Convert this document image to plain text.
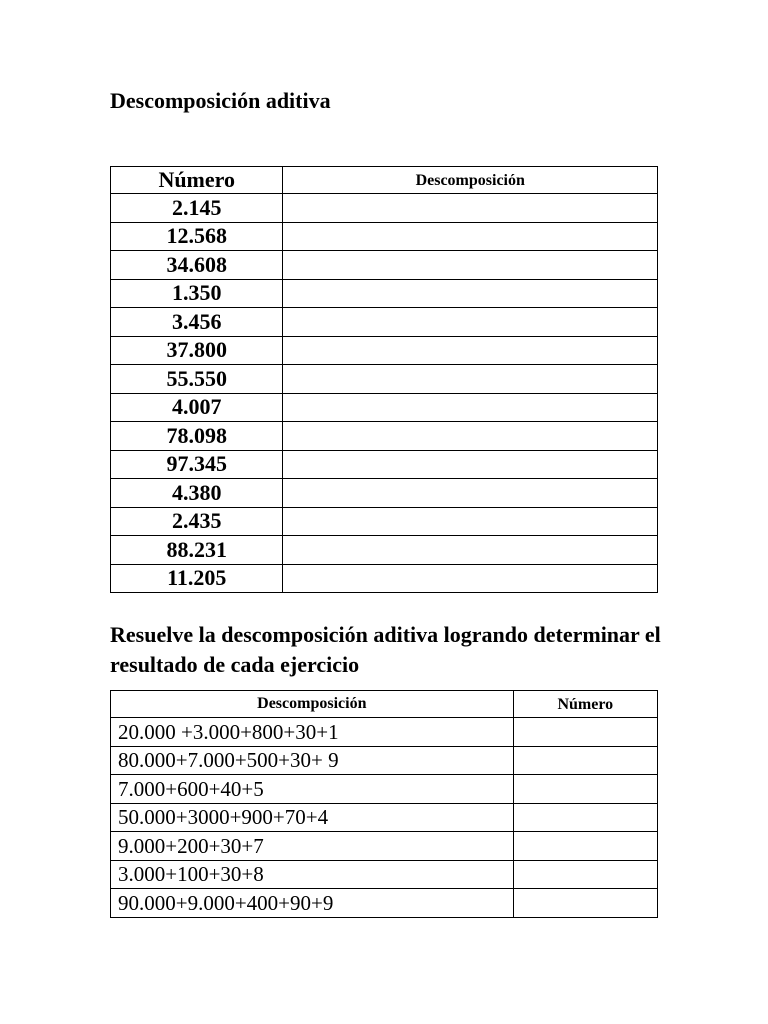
Descomposición aditiva
Número	Descomposición
2.145	
12.568	
34.608	
1.350	
3.456	
37.800	
55.550	
4.007	
78.098	
97.345	
4.380	
2.435	
88.231	
11.205	
Resuelve la descomposición aditiva logrando determinar el resultado de cada ejercicio
Descomposición	Número
20.000 +3.000+800+30+1	
80.000+7.000+500+30+ 9	
7.000+600+40+5	
50.000+3000+900+70+4	
9.000+200+30+7	
3.000+100+30+8	
90.000+9.000+400+90+9	
